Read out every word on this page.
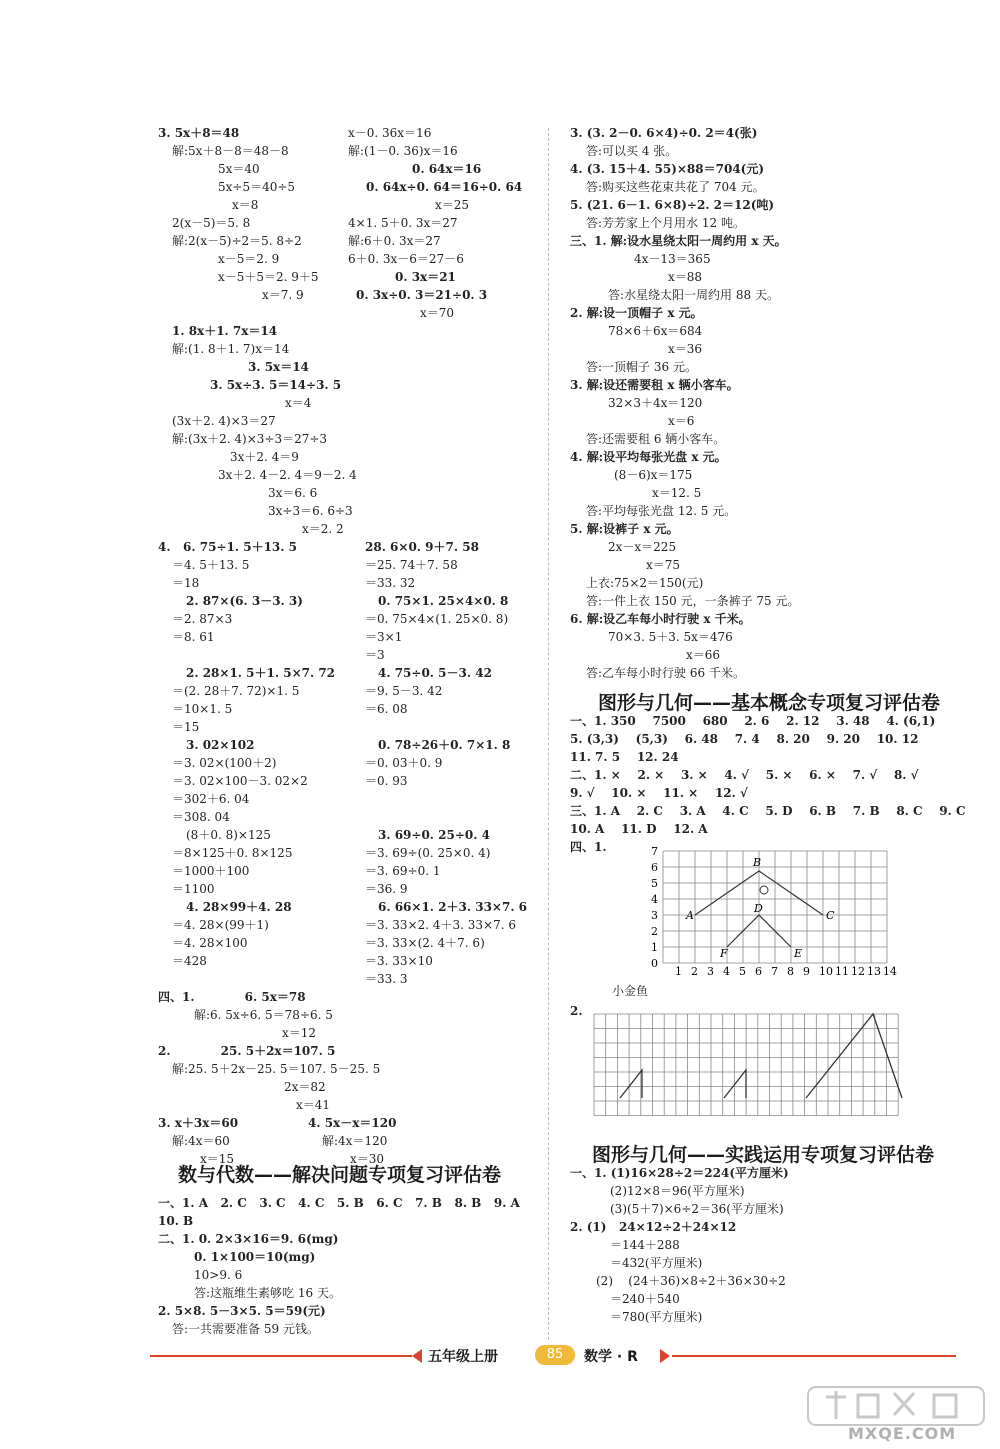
3. 5x＋8＝48	x－0. 36x＝16
解:5x＋8－8＝48－8	解:(1－0. 36)x＝16
5x＝40	0. 64x＝16
5x÷5＝40÷5	0. 64x÷0. 64＝16÷0. 64
x＝8	x＝25
2(x－5)＝5. 8	4×1. 5＋0. 3x＝27
解:2(x－5)÷2＝5. 8÷2	解:6＋0. 3x＝27
x－5＝2. 9	6＋0. 3x－6＝27－6
x－5＋5＝2. 9＋5	0. 3x＝21
x＝7. 9	0. 3x÷0. 3＝21÷0. 3
x＝70
1. 8x＋1. 7x＝14
解:(1. 8＋1. 7)x＝14
3. 5x＝14
3. 5x÷3. 5＝14÷3. 5
x＝4
(3x＋2. 4)×3＝27
解:(3x＋2. 4)×3÷3＝27÷3
3x＋2. 4＝9
3x＋2. 4－2. 4＝9－2. 4
3x＝6. 6
3x÷3＝6. 6÷3
x＝2. 2
4.   6. 75÷1. 5＋13. 5	28. 6×0. 9＋7. 58
＝4. 5＋13. 5	＝25. 74＋7. 58
＝18	＝33. 32
2. 87×(6. 3－3. 3)	0. 75×1. 25×4×0. 8
＝2. 87×3	＝0. 75×4×(1. 25×0. 8)
＝8. 61	＝3×1
＝3
2. 28×1. 5＋1. 5×7. 72	4. 75÷0. 5－3. 42
＝(2. 28＋7. 72)×1. 5	＝9. 5－3. 42
＝10×1. 5	＝6. 08
＝15
3. 02×102	0. 78÷26＋0. 7×1. 8
＝3. 02×(100＋2)	＝0. 03＋0. 9
＝3. 02×100－3. 02×2	＝0. 93
＝302＋6. 04
＝308. 04
(8＋0. 8)×125	3. 69÷0. 25÷0. 4
＝8×125＋0. 8×125	＝3. 69÷(0. 25×0. 4)
＝1000＋100	＝3. 69÷0. 1
＝1100	＝36. 9
4. 28×99＋4. 28	6. 66×1. 2＋3. 33×7. 6
＝4. 28×(99＋1)	＝3. 33×2. 4＋3. 33×7. 6
＝4. 28×100	＝3. 33×(2. 4＋7. 6)
＝428	＝3. 33×10
＝33. 3
四、1.            6. 5x＝78
解:6. 5x÷6. 5＝78÷6. 5
x＝12
2.            25. 5＋2x＝107. 5
解:25. 5＋2x－25. 5＝107. 5－25. 5
2x＝82
x＝41
3. x＋3x＝60	4. 5x－x＝120
解:4x＝60	解:4x＝120
x＝15	x＝30
一、1. A   2. C   3. C   4. C   5. B   6. C   7. B   8. B   9. A
10. B
二、1. 0. 2×3×16＝9. 6(mg)
0. 1×100＝10(mg)
10>9. 6
答:这瓶维生素够吃 16 天。
2. 5×8. 5－3×5. 5＝59(元)
答:一共需要准备 59 元钱。
3. (3. 2－0. 6×4)÷0. 2＝4(张)
答:可以买 4 张。
4. (3. 15＋4. 55)×88＝704(元)
答:购买这些花束共花了 704 元。
5. (21. 6－1. 6×8)÷2. 2＝12(吨)
答:芳芳家上个月用水 12 吨。
三、1. 解:设水星绕太阳一周约用 x 天。
4x－13＝365
x＝88
答:水星绕太阳一周约用 88 天。
2. 解:设一顶帽子 x 元。
78×6＋6x＝684
x＝36
答:一顶帽子 36 元。
3. 解:设还需要租 x 辆小客车。
32×3＋4x＝120
x＝6
答:还需要租 6 辆小客车。
4. 解:设平均每张光盘 x 元。
(8－6)x＝175
x＝12. 5
答:平均每张光盘 12. 5 元。
5. 解:设裤子 x 元。
2x－x＝225
x＝75
上衣:75×2＝150(元)
答:一件上衣 150 元，一条裤子 75 元。
6. 解:设乙车每小时行驶 x 千米。
70×3. 5＋3. 5x＝476
x＝66
答:乙车每小时行驶 66 千米。
一、1. 350    7500    680    2. 6    2. 12    3. 48    4. (6,1)
5. (3,3)    (5,3)    6. 48    7. 4    8. 20    9. 20    10. 12
11. 7. 5    12. 24
二、1. ×    2. ×    3. ×    4. √    5. ×    6. ×    7. √    8. √
9. √    10. ×    11. ×    12. √
三、1. A    2. C    3. A    4. C    5. D    6. B    7. B    8. C    9. C
10. A    11. D    12. A
四、1.
小金鱼
2.
一、1. (1)16×28÷2＝224(平方厘米)
(2)12×8＝96(平方厘米)
(3)(5＋7)×6÷2＝36(平方厘米)
2. (1)   24×12÷2＋24×12
＝144＋288
＝432(平方厘米)
(2)    (24＋36)×8÷2＋36×30÷2
＝240＋540
＝780(平方厘米)
数与代数——解决问题专项复习评估卷
图形与几何——基本概念专项复习评估卷
图形与几何——实践运用专项复习评估卷
0
1
2
3
4
5
6
7
1 2 3 4 5 6 7 8 9 10 11 12 13 14
A
B
C
D
E
F
五年级上册	85	数学 · R
MXQE.COM
